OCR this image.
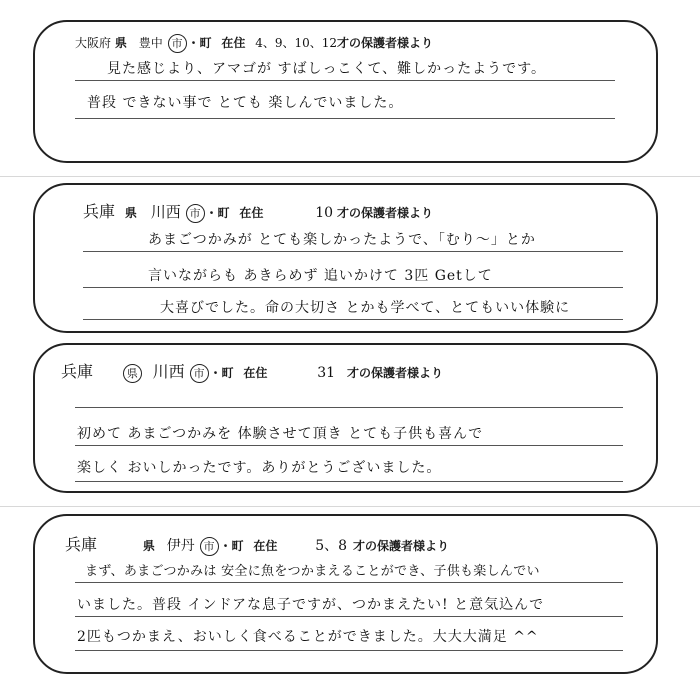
大阪府 県 豊中 市 ・町 在住 4、9、10、12才の保護者様より
見た感じより、アマゴが すばしっこくて、難しかったようです。
普段 できない事で とても 楽しんでいました。
兵庫 県 川西 市 ・町 在住	10 才の保護者様より
あまごつかみが とても楽しかったようで、「むり〜」とか
言いながらも あきらめず 追いかけて 3匹 Getして
大喜びでした。命の大切さ とかも学べて、とてもいい体験に
兵庫	県 川西 市 ・町 在住	31 才の保護者様より
初めて あまごつかみを 体験させて頂き とても子供も喜んで
楽しく おいしかったです。ありがとうございました。
兵庫	県 伊丹 市 ・町 在住	5、8 才の保護者様より
まず、あまごつかみは 安全に魚をつかまえることができ、子供も楽しんでい
いました。普段 インドアな息子ですが、つかまえたい! と意気込んで
2匹もつかまえ、おいしく食べることができました。大大大満足 ^^
